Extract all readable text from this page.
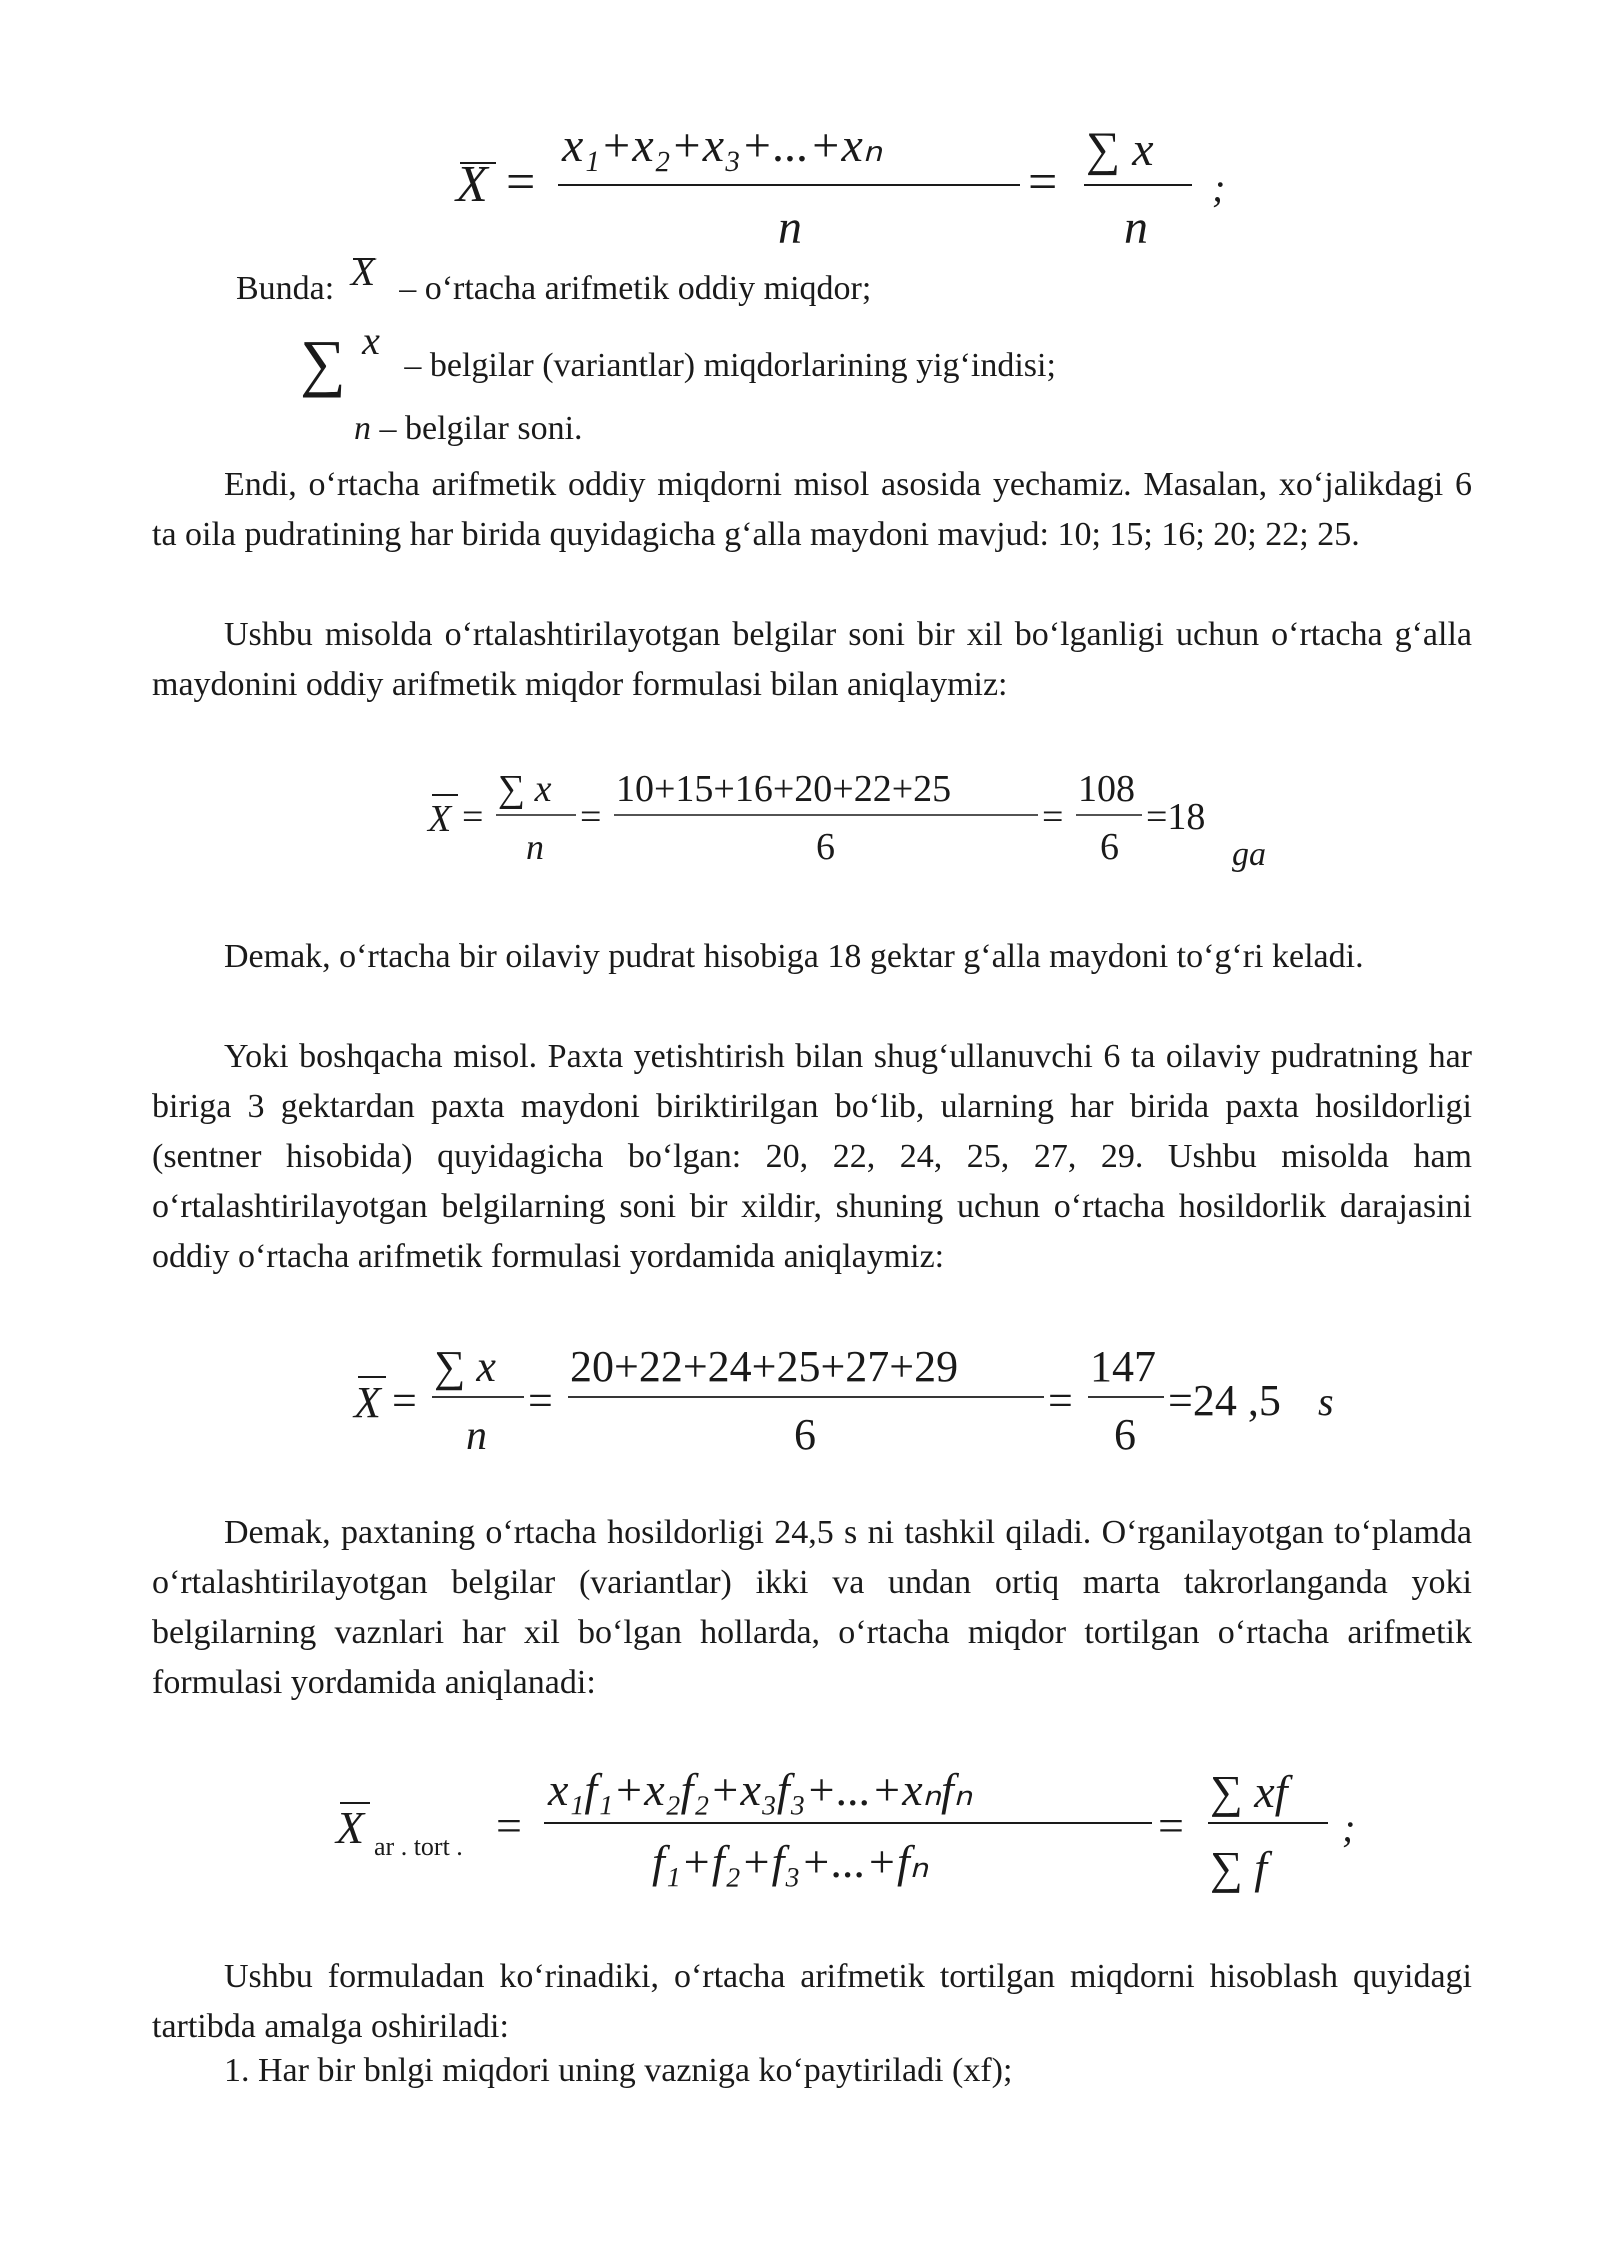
X =
x₁+x₂+x₃+...+xₙ
n
=
∑ x
n
;
Bunda: X – o‘rtacha arifmetik oddiy miqdor;
∑ x – belgilar (variantlar) miqdorlarining yig‘indisi;
n – belgilar soni.

Endi, o‘rtacha arifmetik oddiy miqdorni misol asosida yechamiz. Masalan, xo‘jalikdagi 6 ta oila pudratining har birida quyidagicha g‘alla maydoni mavjud: 10; 15; 16; 20; 22; 25.

Ushbu misolda o‘rtalashtirilayotgan belgilar soni bir xil bo‘lganligi uchun o‘rtacha g‘alla maydonini oddiy arifmetik miqdor formulasi bilan aniqlaymiz:

X =
∑ x
n
=
10+15+16+20+22+25
6
=
108
6
=18
ga

Demak, o‘rtacha bir oilaviy pudrat hisobiga 18 gektar g‘alla maydoni to‘g‘ri keladi.

Yoki boshqacha misol. Paxta yetishtirish bilan shug‘ullanuvchi 6 ta oilaviy pudratning har biriga 3 gektardan paxta maydoni biriktirilgan bo‘lib, ularning har birida paxta hosildorligi (sentner hisobida) quyidagicha bo‘lgan: 20, 22, 24, 25, 27, 29. Ushbu misolda ham o‘rtalashtirilayotgan belgilarning soni bir xildir, shuning uchun o‘rtacha hosildorlik darajasini oddiy o‘rtacha arifmetik formulasi yordamida aniqlaymiz:

X =
∑ x
n
=
20+22+24+25+27+29
6
=
147
6
=24 ,5 s

Demak, paxtaning o‘rtacha hosildorligi 24,5 s ni tashkil qiladi. O‘rganilayotgan to‘plamda o‘rtalashtirilayotgan belgilar (variantlar) ikki va undan ortiq marta takrorlanganda yoki belgilarning vaznlari har xil bo‘lgan hollarda, o‘rtacha miqdor tortilgan o‘rtacha arifmetik formulasi yordamida aniqlanadi:

X ar . tort . =
x₁f₁+x₂f₂+x₃f₃+...+xₙfₙ
f₁+f₂+f₃+...+fₙ
=
∑ xf
∑ f
;

Ushbu formuladan ko‘rinadiki, o‘rtacha arifmetik tortilgan miqdorni hisoblash quyidagi tartibda amalga oshiriladi:

1. Har bir bnlgi miqdori uning vazniga ko‘paytiriladi (xf);
